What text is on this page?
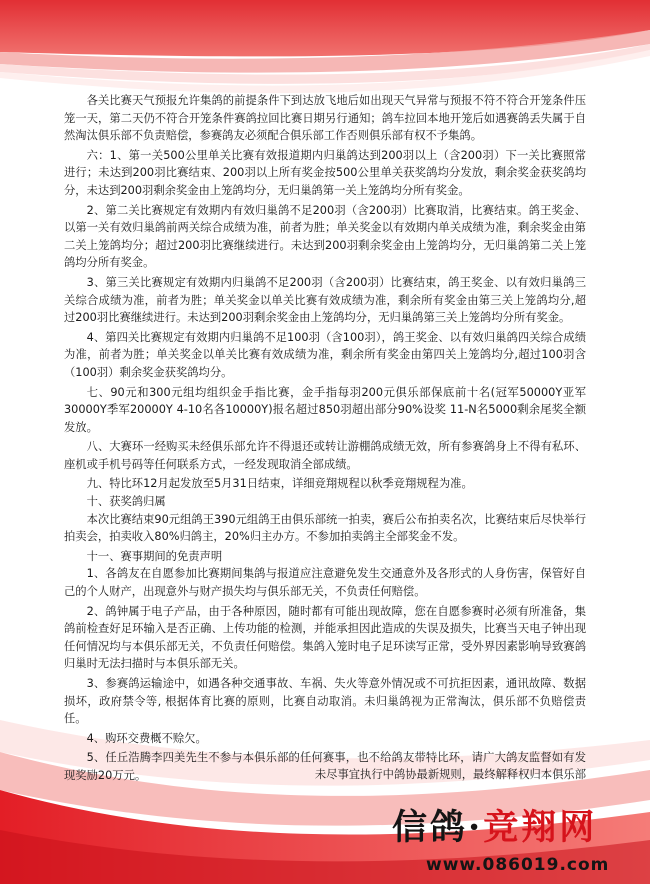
各关比赛天气预报允许集鸽的前提条件下到达放飞地后如出现天气异常与预报不符不符合开笼条件压笼一天，第二天仍不符合开笼条件赛鸽拉回比赛日期另行通知；鸽车拉回本地开笼后如遇赛鸽丢失属于自然淘汰俱乐部不负责赔偿，参赛鸽友必须配合俱乐部工作否则俱乐部有权不予集鸽。

六：1、第一关500公里单关比赛有效报道期内归巢鸽达到200羽以上（含200羽）下一关比赛照常进行；未达到200羽比赛结束、200羽以上所有奖金按500公里单关获奖鸽均分发放，剩余奖金获奖鸽均分，未达到200羽剩余奖金由上笼鸽均分，无归巢鸽第一关上笼鸽均分所有奖金。

2、第二关比赛规定有效期内有效归巢鸽不足200羽（含200羽）比赛取消，比赛结束。鸽王奖金、以第一关有效归巢鸽前两关综合成绩为准，前者为胜；单关奖金以有效期内单关成绩为准，剩余奖金由第二关上笼鸽均分；超过200羽比赛继续进行。未达到200羽剩余奖金由上笼鸽均分，无归巢鸽第二关上笼鸽均分所有奖金。

3、第三关比赛规定有效期内归巢鸽不足200羽（含200羽）比赛结束，鸽王奖金、以有效归巢鸽三关综合成绩为准，前者为胜；单关奖金以单关比赛有效成绩为准，剩余所有奖金由第三关上笼鸽均分,超过200羽比赛继续进行。未达到200羽剩余奖金由上笼鸽均分，无归巢鸽第三关上笼鸽均分所有奖金。

4、第四关比赛规定有效期内归巢鸽不足100羽（含100羽），鸽王奖金、以有效归巢鸽四关综合成绩为准，前者为胜；单关奖金以单关比赛有效成绩为准，剩余所有奖金由第四关上笼鸽均分,超过100羽含（100羽）剩余奖金获奖鸽均分。

七、90元和300元组均组织金手指比赛，金手指每羽200元俱乐部保底前十名(冠军50000Y亚军30000Y季军20000Y 4-10名各10000Y)报名超过850羽超出部分90%设奖 11-N名5000剩余尾奖全额发放。

八、大赛环一经购买未经俱乐部允许不得退还或转让游棚鸽成绩无效，所有参赛鸽身上不得有私环、座机或手机号码等任何联系方式，一经发现取消全部成绩。

九、特比环12月起发放至5月31日结束，详细竞翔规程以秋季竞翔规程为准。

十、获奖鸽归属

本次比赛结束90元组鸽王390元组鸽王由俱乐部统一拍卖，赛后公布拍卖名次，比赛结束后尽快举行拍卖会，拍卖收入80%归鸽主，20%归主办方。不参加拍卖鸽主全部奖金不发。

十一、赛事期间的免责声明

1、各鸽友在自愿参加比赛期间集鸽与报道应注意避免发生交通意外及各形式的人身伤害，保管好自己的个人财产，出现意外与财产损失均与俱乐部无关，不负责任何赔偿。

2、鸽钟属于电子产品，由于各种原因，随时都有可能出现故障，您在自愿参赛时必须有所准备，集鸽前检查好足环输入是否正确、上传功能的检测，并能承担因此造成的失误及损失，比赛当天电子钟出现任何情况均与本俱乐部无关，不负责任何赔偿。集鸽入笼时电子足环读写正常，受外界因素影响导致赛鸽归巢时无法扫描时与本俱乐部无关。

3、参赛鸽运输途中，如遇各种交通事故、车祸、失火等意外情况或不可抗拒因素，通讯故障、数据损坏，政府禁令等, 根据体育比赛的原则，比赛自动取消。未归巢鸽视为正常淘汰，俱乐部不负赔偿责任。

4、购环交费概不赊欠。

5、任丘浩腾李四美先生不参与本俱乐部的任何赛事，也不给鸽友带特比环，请广大鸽友监督如有发现奖励20万元。	未尽事宜执行中鸽协最新规则，最终解释权归本俱乐部
信鸽·竞翔网
www.086019.com
